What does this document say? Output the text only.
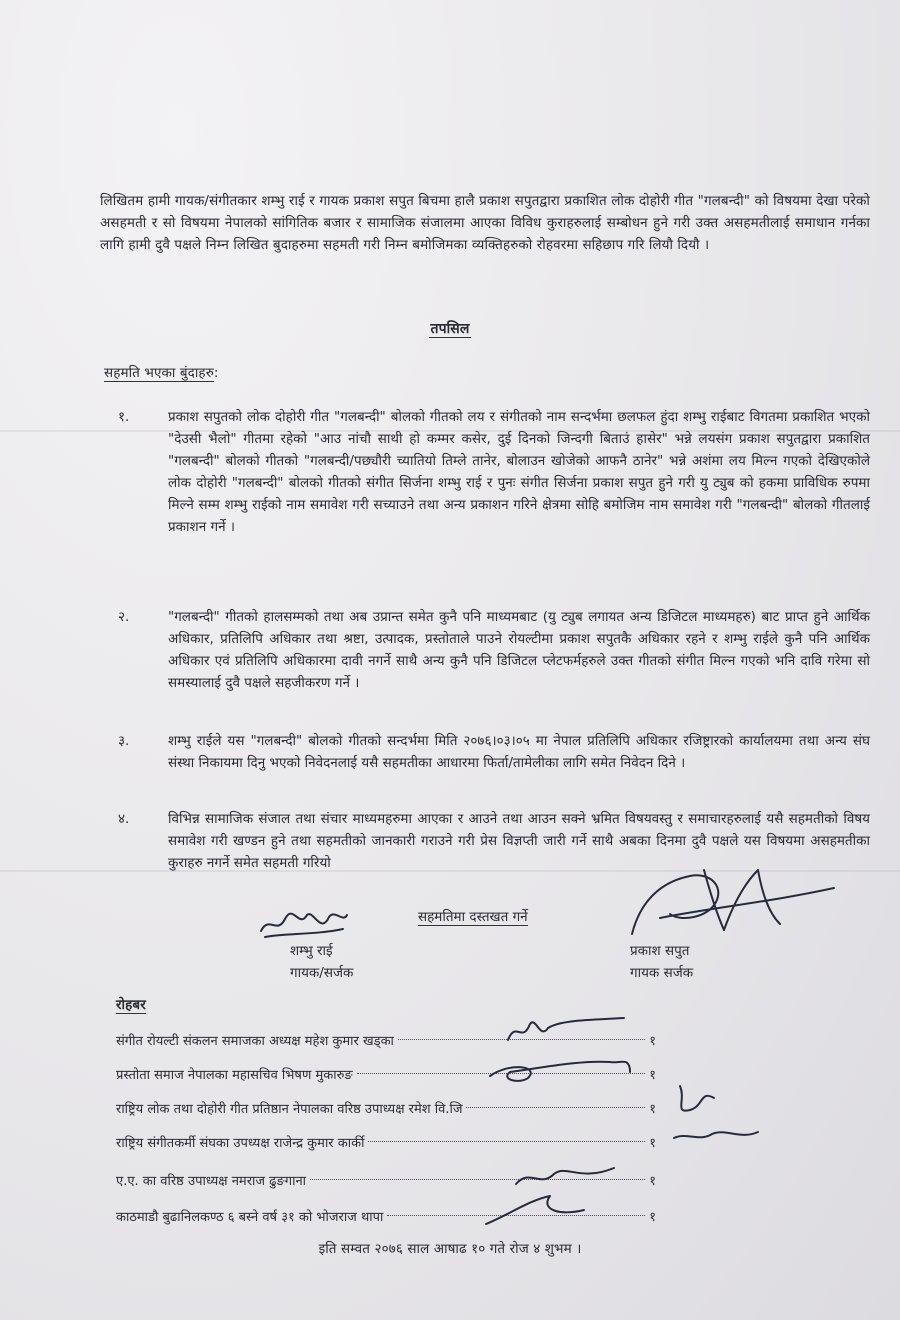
लिखितम हामी गायक/संगीतकार शम्भु राई र गायक प्रकाश सपुत बिचमा हालै प्रकाश सपुतद्वारा प्रकाशित लोक दोहोरी गीत "गलबन्दी" को विषयमा देखा परेको असहमती र सो विषयमा नेपालको सांगितिक बजार र सामाजिक संजालमा आएका विविध कुराहरुलाई सम्बोधन हुने गरी उक्त असहमतीलाई समाधान गर्नका लागि हामी दुवै पक्षले निम्न लिखित बुदाहरुमा सहमती गरी निम्न बमोजिमका व्यक्तिहरुको रोहवरमा सहिछाप गरि लियौ दियौ ।
तपसिल
सहमति भएका बुंदाहरु:
१.	प्रकाश सपुतको लोक दोहोरी गीत "गलबन्दी" बोलको गीतको लय र संगीतको नाम सन्दर्भमा छलफल हुंदा शम्भु राईबाट विगतमा प्रकाशित भएको "देउसी भैलो" गीतमा रहेको "आउ नांचौ साथी हो कम्मर कसेर, दुई दिनको जिन्दगी बिताउं हासेर" भन्ने लयसंग प्रकाश सपुतद्वारा प्रकाशित "गलबन्दी" बोलको गीतको "गलबन्दी/पछ्यौरी च्यातियो तिम्ले तानेर, बोलाउन खोजेको आफनै ठानेर" भन्ने अशंमा लय मिल्न गएको देखिएकोले लोक दोहोरी "गलबन्दी" बोलको गीतको संगीत सिर्जना शम्भु राई र पुनः संगीत सिर्जना प्रकाश सपुत हुने गरी यु ट्युब को हकमा प्राविधिक रुपमा मिल्ने सम्म शम्भु राईको नाम समावेश गरी सच्याउने तथा अन्य प्रकाशन गरिने क्षेत्रमा सोहि बमोजिम नाम समावेश गरी "गलबन्दी" बोलको गीतलाई प्रकाशन गर्ने ।
२.	"गलबन्दी" गीतको हालसम्मको तथा अब उप्रान्त समेत कुनै पनि माध्यमबाट (यु ट्युब लगायत अन्य डिजिटल माध्यमहरु) बाट प्राप्त हुने आर्थिक अधिकार, प्रतिलिपि अधिकार तथा श्रष्टा, उत्पादक, प्रस्तोताले पाउने रोयल्टीमा प्रकाश सपुतकै अधिकार रहने र शम्भु राईले कुनै पनि आर्थिक अधिकार एवं प्रतिलिपि अधिकारमा दावी नगर्ने साथै अन्य कुनै पनि डिजिटल प्लेटफर्महरुले उक्त गीतको संगीत मिल्न गएको भनि दावि गरेमा सो समस्यालाई दुवै पक्षले सहजीकरण गर्ने ।
३.	शम्भु राईले यस "गलबन्दी" बोलको गीतको सन्दर्भमा मिति २०७६।०३।०५ मा नेपाल प्रतिलिपि अधिकार रजिष्ट्रारको कार्यालयमा तथा अन्य संघ संस्था निकायमा दिनु भएको निवेदनलाई यसै सहमतीका आधारमा फिर्ता/तामेलीका लागि समेत निवेदन दिने ।
४.	विभिन्न सामाजिक संजाल तथा संचार माध्यमहरुमा आएका र आउने तथा आउन सक्ने भ्रमित विषयवस्तु र समाचारहरुलाई यसै सहमतीको विषय समावेश गरी खण्डन हुने तथा सहमतीको जानकारी गराउने गरी प्रेस विज्ञप्ती जारी गर्ने साथै अबका दिनमा दुवै पक्षले यस विषयमा असहमतीका कुराहरु नगर्ने समेत सहमती गरियो
शम्भु राई
गायक/सर्जक
सहमतिमा दस्तखत गर्ने
प्रकाश सपुत
गायक सर्जक
रोहबर
संगीत रोयल्टी संकलन समाजका अध्यक्ष महेश कुमार खड्का	१
प्रस्तोता समाज नेपालका महासचिव भिषण मुकारुङ	१
राष्ट्रिय लोक तथा दोहोरी गीत प्रतिष्ठान नेपालका वरिष्ठ उपाध्यक्ष रमेश वि.जि	१
राष्ट्रिय संगीतकर्मी संघका उपध्यक्ष राजेन्द्र कुमार कार्की	१
ए.ए. का वरिष्ठ उपाध्यक्ष नमराज ढुङगाना	१
काठमाडौ बुढानिलकण्ठ ६ बस्ने वर्ष ३१ को भोजराज थापा	१
इति सम्वत २०७६ साल आषाढ १० गते रोज ४ शुभम ।
